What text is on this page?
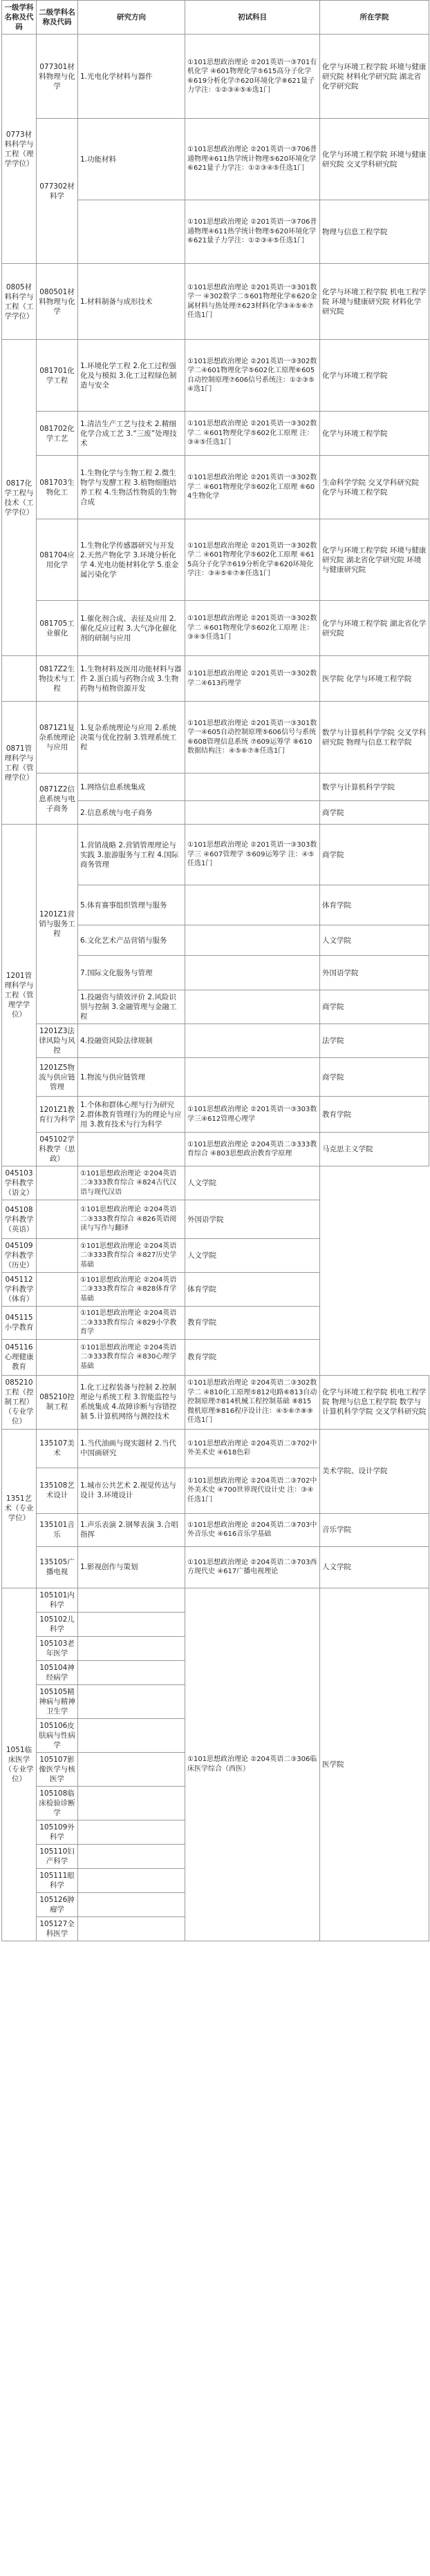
一级学科名称及代码	二级学科名称及代码	研究方向	初试科目	所在学院
0773材料科学与工程（理学学位）	077301材料物理与化学	1.光电化学材料与器件	①101思想政治理论 ②201英语一③701有机化学 ④601物理化学⑤615高分子化学 ⑥619分析化学⑦620环境化学⑧621量子力学注：①②③④⑤⑥选1门	化学与环境工程学院 环境与健康研究院 材料化学研究院 湖北省化学研究院
	077302材料学	1.功能材料	①101思想政治理论 ②201英语一③706普通物理④611热学统计物理⑤620环境化学⑥621量子力学注：①②③④⑤任选1门	化学与环境工程学院 环境与健康研究院 交叉学科研究院
			①101思想政治理论 ②201英语一③706普通物理④611热学统计物理⑤620环境化学⑥621量子力学注：①②③④⑤任选1门	物理与信息工程学院
0805材料科学与工程（工学学位）	080501材料物理与化学	1.材料制备与成形技术	①101思想政治理论 ②201英语一③301数学一 ④302数学二⑤601物理化学⑥620金属材料与热处理⑦623材料化学③④⑤⑥⑦任选1门	化学与环境工程学院 机电工程学院 环境与健康研究院 材料化学研究院
0817化学工程与技术（工学学位）	081701化学工程	1.环境化学工程 2.化工过程强化及与模拟 3.化工过程绿色制造与安全	①101思想政治理论 ②201英语一③302数学二④601物理化学⑤602化工原理⑥605自动控制原理⑦606信号系统注：①②③⑤④选1门	化学与环境工程学院
	081702化学工艺	1.清洁生产工艺与技术 2.精细化学合成工艺 3.“三废”处理技术	①101思想政治理论 ②201英语一③302数学二 ④601物理化学⑤602化工原理 注：③④⑤任选1门	化学与环境工程学院
	081703生物化工	1.生物化学与生物工程 2.微生物学与发酵工程 3.植物细胞培养工程 4.生物活性物质的生物合成	①101思想政治理论 ②201英语一③302数学二 ④601物理化学⑤602化工原理 ⑥604生物化学	生命科学学院 交叉学科研究院 化学与环境工程学院
	081704应用化学	1.生物化学传感器研究与开发 2.天然产物化学 3.环境分析化学 4.光电功能材料化学 5.重金属污染化学	①101思想政治理论 ②201英语一③302数学二 ④601物理化学⑤602化工原理 ⑥615高分子化学⑦619分析化学⑧620环境化学注：③④⑤⑥⑦⑧任选1门	化学与环境工程学院 环境与健康研究院 湖北省化学研究院 环境与健康研究院
	081705工业催化	1.催化剂合成、表征及应用 2.催化反应过程 3.大气净化催化剂的研制与应用	①101思想政治理论 ②201英语一③302数学二 ④601物理化学⑤602化工原理 注：③④⑤任选1门	化学与环境工程学院 湖北省化学研究院
	0817Z2生物技术与工程	1.生物材料及医用功能材料与器件 2.蛋白质与药物合成 3.生物药物与植物资源开发	①101思想政治理论 ②201英语一③302数学二④613药理学	医学院 化学与环境工程学院
0871管理科学与工程（管理学位）	0871Z1复杂系统理论与应用	1.复杂系统理论与应用 2.系统决策与优化控制 3.管理系统工程	①101思想政治理论 ②201英语一③301数学一④605自动控制原理⑤606信号与系统 ⑥608管理信息系统 ⑦609运筹学 ⑧610数据结构注：④⑤⑥⑦⑧任选1门	数学与计算机科学学院 交叉学科研究院 物理与信息工程学院
	0871Z2信息系统与电子商务	1.网络信息系统集成		数学与计算机科学学院
		2.信息系统与电子商务		商学院
1201管理科学与工程（管理学学位）	1201Z1营销与服务工程	1.营销战略 2.营销管理理论与实践 3.旅游服务与工程 4.国际商务管理	①101思想政治理论 ②201英语一③303数学三 ④607管理学 ⑤609运筹学 注：④⑤任选1门	商学院
		5.体育赛事组织管理与服务		体育学院
		6.文化艺术产品营销与服务		人文学院
		7.国际文化服务与管理		外国语学院
		1.投融资与绩效评价 2.风险识别与控制 3.金融管理与金融工程		商学院
	1201Z3法律风险与风控	4.投融资风险法律规制		法学院
	1201Z5物流与供应链管理	1.物流与供应链管理		商学院
	1201Z1教育行为科学	1.个体和群体心理与行为研究 2.群体教育管理行为的理论与应用 3.教育技术与行为科学	①101思想政治理论 ②201英语一③303数学三④612管理心理学	教育学院
	045102学科教学（思政）		①101思想政治理论 ②204英语二③333教育综合 ④803思想政治教育学原理	马克思主义学院
045103学科教学（语文）		①101思想政治理论 ②204英语二③333教育综合 ④824古代汉语与现代汉语	人文学院	
045108学科教学（英语）		①101思想政治理论 ②204英语二③333教育综合 ④826英语阅读与写作与翻译	外国语学院	
045109学科教学（历史）		①101思想政治理论 ②204英语二③333教育综合 ④827历史学基础	人文学院	
045112学科教学（体育）		①101思想政治理论 ②204英语二③333教育综合 ④828体育学基础	体育学院	
045115小学教育		①101思想政治理论 ②204英语二③333教育综合 ④829小学教育学	教育学院	
045116心理健康教育		①101思想政治理论 ②204英语二③333教育综合 ④830心理学基础	教育学院	
085210工程（控制工程）（专业学位）	085210控制工程	1.化工过程装备与控制 2.控制理论与系统工程 3.智能监控与系统集成 4.故障诊断与容错控制 5.计算机网络与测控技术	①101思想政治理论 ②204英语二③302数学二 ④810化工原理⑤812电路⑥813自动控制原理⑦814机械工程控制基础 ⑧815微机原理⑨816程序设计注：④⑤⑥⑦⑧⑨任选1门	化学与环境工程学院 机电工程学院 物理与信息工程学院 数学与计算机科学学院 交叉学科研究院
1351艺术（专业学位）	135107美术	1.当代油画与现实题材 2.当代中国画研究	①101思想政治理论 ②204英语二③702中外美术史 ④618色彩	美术学院、设计学院
	135108艺术设计	1.城市公共艺术 2.视觉传达与设计 3.环境设计	①101思想政治理论 ②204英语二③702中外美术史 ④700世界现代设计史 注：③④任选1门	
	135101音乐	1.声乐表演 2.钢琴表演 3.合唱指挥	①101思想政治理论 ②204英语二③703中外音乐史 ④616音乐学基础	音乐学院
	135105广播电视	1.影视创作与策划	①101思想政治理论 ②204英语二③703西方现代史 ④617广播电视理论	人文学院
1051临床医学（专业学位）	105101内科学		①101思想政治理论 ②204英语二③306临床医学综合（西医）	医学院
	105102儿科学			
	105103老年医学			
	105104神经病学			
	105105精神病与精神卫生学			
	105106皮肤病与性病学			
	105107影像医学与核医学			
	105108临床检验诊断学			
	105109外科学			
	105110妇产科学			
	105111眼科学			
	105126肿瘤学			
	105127全科医学			
